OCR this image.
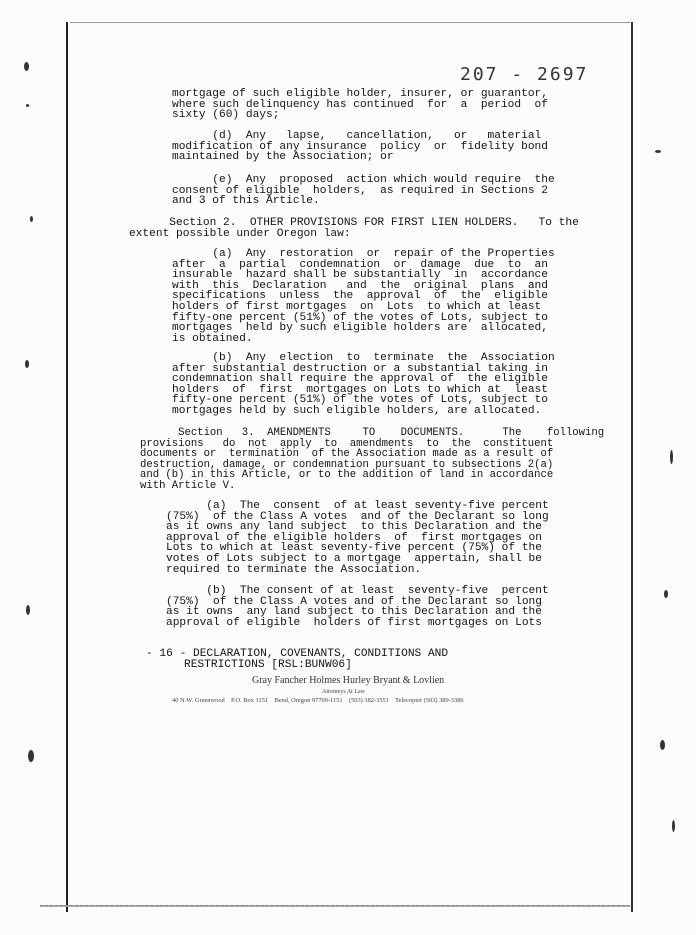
207 - 2697
mortgage of such eligible holder, insurer, or guarantor,
where such delinquency has continued  for  a  period  of
sixty (60) days;
(d)  Any   lapse,   cancellation,   or   material
modification of any insurance  policy  or  fidelity bond
maintained by the Association; or
(e)  Any  proposed  action which would require  the
consent of eligible  holders,  as required in Sections 2
and 3 of this Article.
Section 2.  OTHER PROVISIONS FOR FIRST LIEN HOLDERS.   To the
extent possible under Oregon law:
(a)  Any  restoration  or  repair of the Properties
after  a  partial  condemnation  or  damage  due  to  an
insurable  hazard shall be substantially  in  accordance
with  this  Declaration   and  the  original  plans  and
specifications  unless  the  approval  of  the  eligible
holders of first mortgages  on  Lots  to which at least
fifty-one percent (51%) of the votes of Lots, subject to
mortgages  held by such eligible holders are  allocated,
is obtained.
(b)  Any  election  to  terminate  the  Association
after substantial destruction or a substantial taking in
condemnation shall require the approval of  the eligible
holders  of  first  mortgages on Lots to which at  least
fifty-one percent (51%) of the votes of Lots, subject to
mortgages held by such eligible holders, are allocated.
Section   3.  AMENDMENTS     TO    DOCUMENTS.      The    following
provisions   do  not  apply  to  amendments  to  the  constituent
documents or  termination  of the Association made as a result of
destruction, damage, or condemnation pursuant to subsections 2(a)
and (b) in this Article, or to the addition of land in accordance
with Article V.
(a)  The  consent  of at least seventy-five percent
(75%)  of the Class A votes  and of the Declarant so long
as it owns any land subject  to this Declaration and the
approval of the eligible holders  of  first mortgages on
Lots to which at least seventy-five percent (75%) of the
votes of Lots subject to a mortgage  appertain, shall be
required to terminate the Association.
(b)  The consent of at least  seventy-five  percent
(75%)  of the Class A votes and of the Declarant so long
as it owns  any land subject to this Declaration and the
approval of eligible  holders of first mortgages on Lots
- 16 - DECLARATION, COVENANTS, CONDITIONS AND
RESTRICTIONS [RSL:BUNW06]
Gray Fancher Holmes Hurley Bryant & Lovlien
Attorneys At Law
40 N.W. Greenwood    P.O. Box 1151    Bend, Oregon 97709-1151    (503) 382-3551    Telecopier (503) 389-3386
